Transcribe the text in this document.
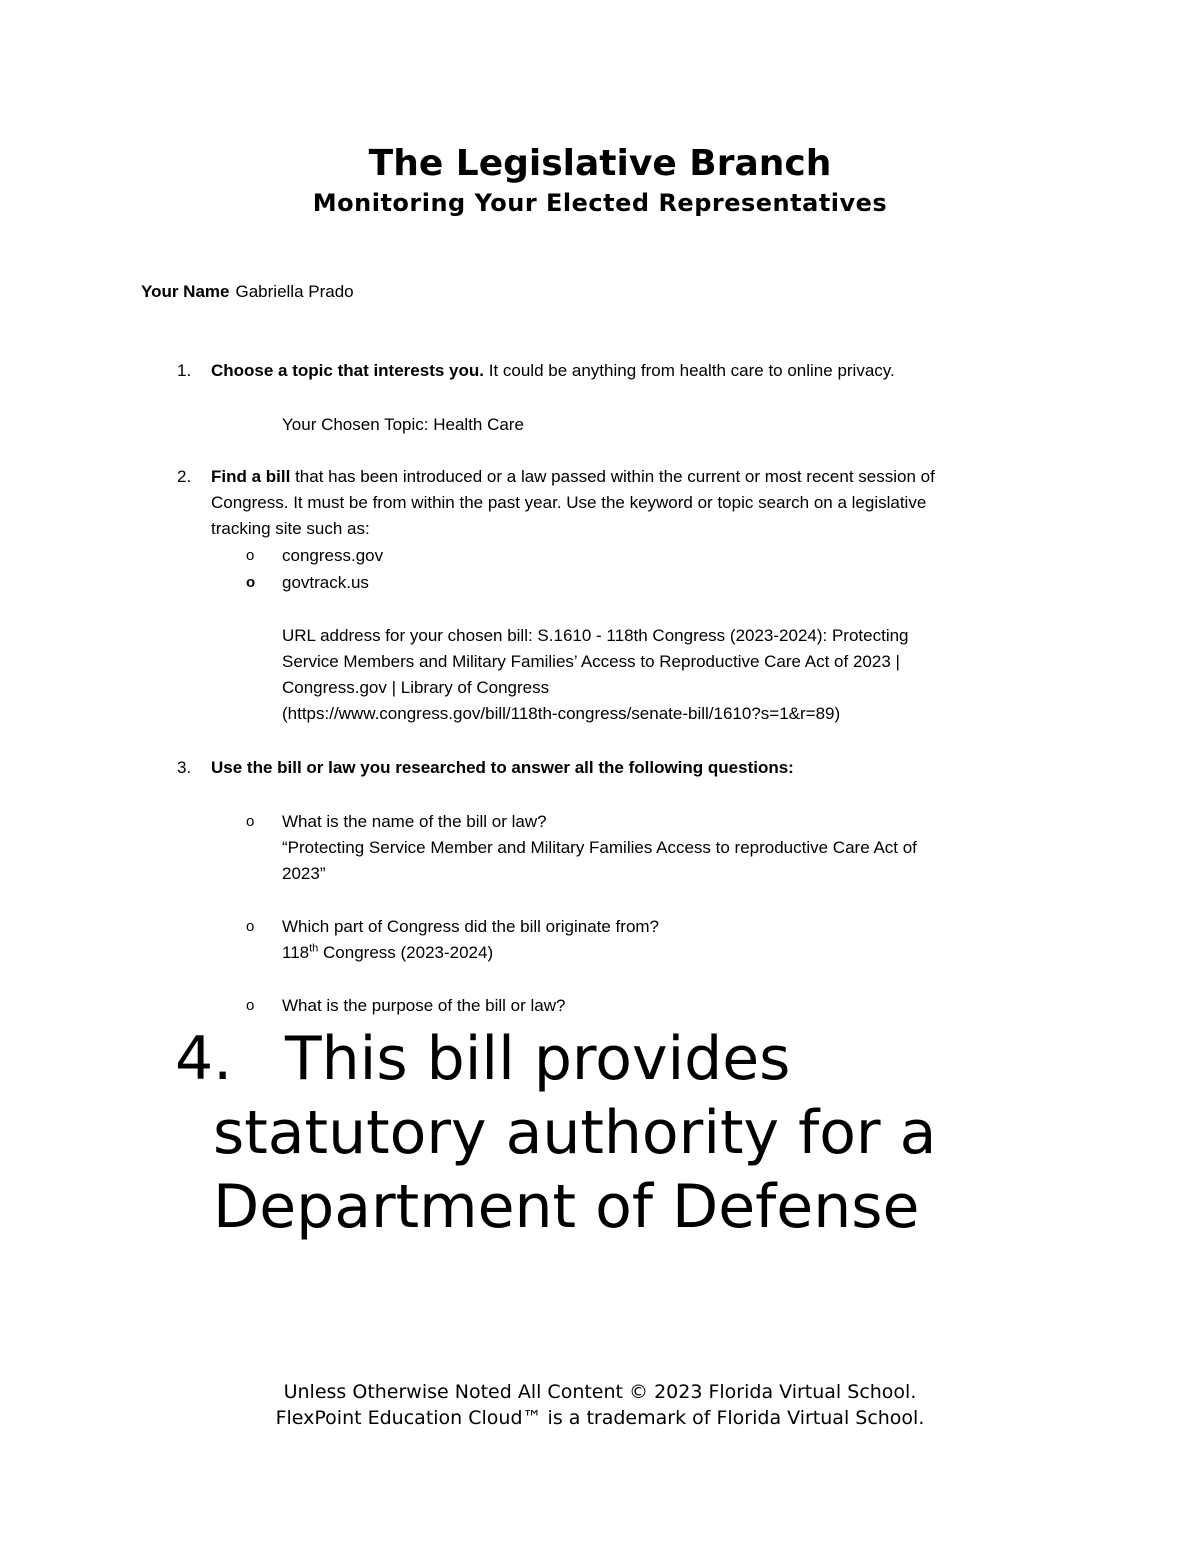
The Legislative Branch
Monitoring Your Elected Representatives
Your Name Gabriella Prado
1. Choose a topic that interests you. It could be anything from health care to online privacy.
Your Chosen Topic: Health Care
2. Find a bill that has been introduced or a law passed within the current or most recent session of
Congress. It must be from within the past year. Use the keyword or topic search on a legislative
tracking site such as:
o congress.gov
o govtrack.us
URL address for your chosen bill: S.1610 - 118th Congress (2023-2024): Protecting
Service Members and Military Families’ Access to Reproductive Care Act of 2023 |
Congress.gov | Library of Congress
(https://www.congress.gov/bill/118th-congress/senate-bill/1610?s=1&r=89)
3. Use the bill or law you researched to answer all the following questions:
o What is the name of the bill or law?
“Protecting Service Member and Military Families Access to reproductive Care Act of
2023”
o Which part of Congress did the bill originate from?
118th Congress (2023-2024)
o What is the purpose of the bill or law?
4. This bill provides
statutory authority for a
Department of Defense
Unless Otherwise Noted All Content © 2023 Florida Virtual School.
FlexPoint Education Cloud™ is a trademark of Florida Virtual School.
